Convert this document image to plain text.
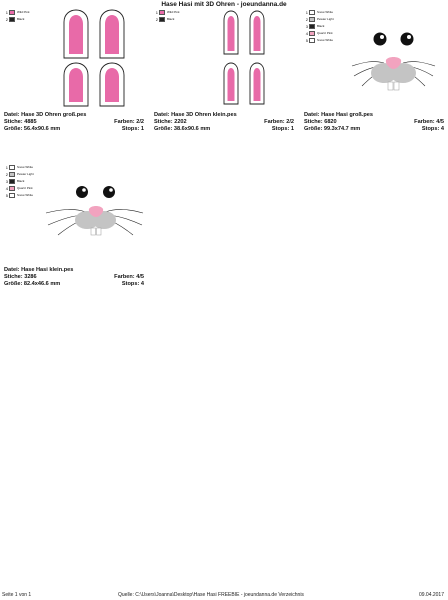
Hase Hasi mit 3D Ohren - joeundanna.de
1	Wild Pink
2	Black
Datei: Hase 3D Ohren groß.pes
Stiche: 4885	Farben: 2/2
Größe: 56.4x90.6 mm	Stops: 1
1	Wild Pink
2	Black
Datei: Hase 3D Ohren klein.pes
Stiche: 2202	Farben: 2/2
Größe: 38.6x90.6 mm	Stops: 1
1	Snow White
2	Pewter Light
3	Black
4	Quartz Pink
5	Snow White
Datei: Hase Hasi groß.pes
Stiche: 6820	Farben: 4/5
Größe: 99.3x74.7 mm	Stops: 4
1	Snow White
2	Pewter Light
3	Black
4	Quartz Pink
5	Snow White
Datei: Hase Hasi klein.pes
Stiche: 3286	Farben: 4/5
Größe: 82.4x46.6 mm	Stops: 4
Seite 1 von 1	Quelle: C:\Users\Joanna\Desktop\Hase Hasi FREEBIE - joeundanna.de Verzeichnis	09.04.2017
